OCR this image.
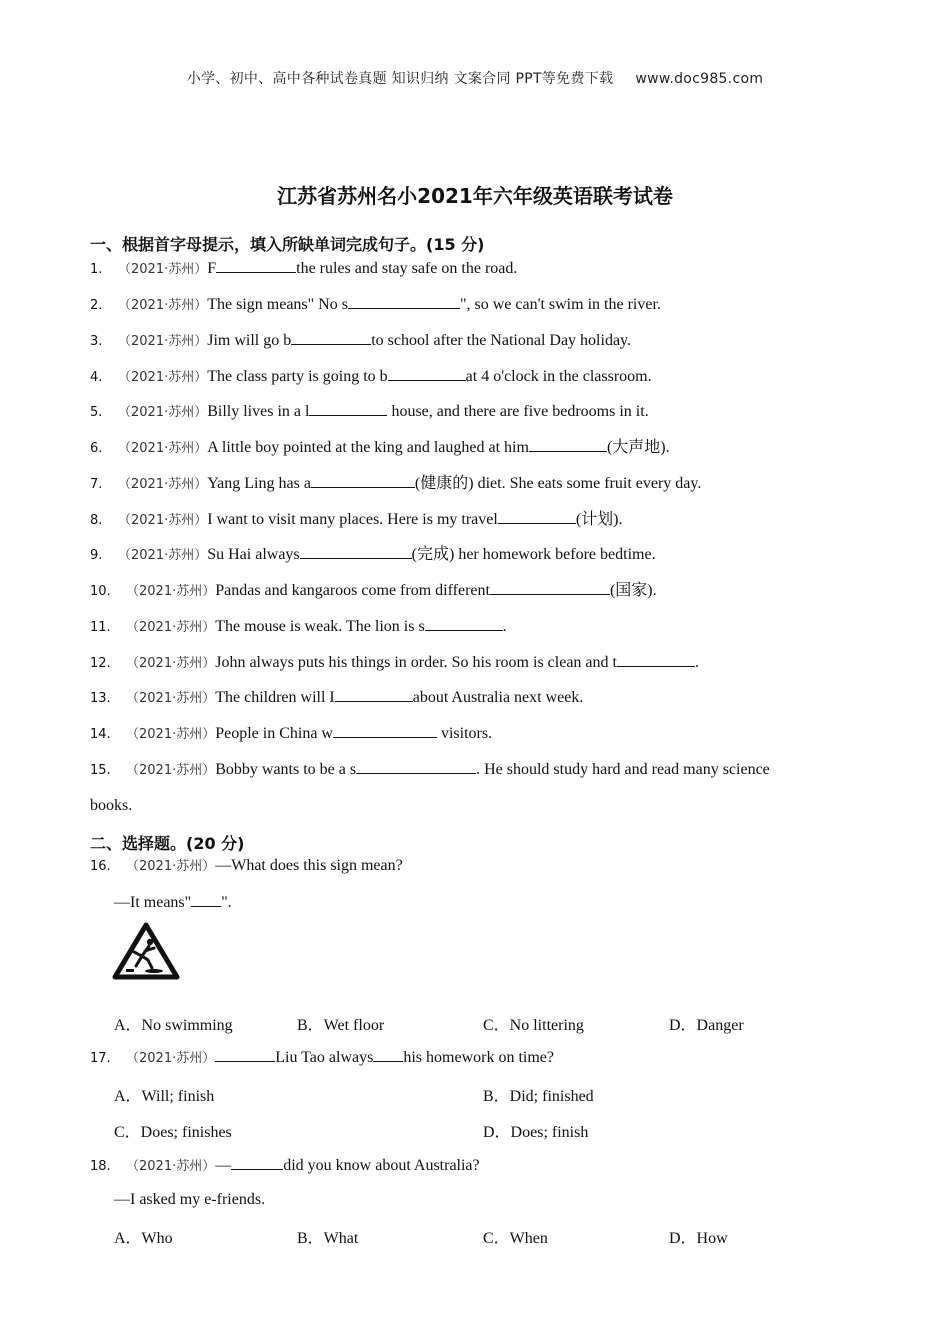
小学、初中、高中各种试卷真题 知识归纳 文案合同 PPT等免费下载 www.doc985.com
江苏省苏州名小2021年六年级英语联考试卷
一、根据首字母提示，填入所缺单词完成句子。(15 分)
1. （2021·苏州）F	the rules and stay safe on the road.
2. （2021·苏州）The sign means" No s	", so we can't swim in the river.
3. （2021·苏州）Jim will go b	to school after the National Day holiday.
4. （2021·苏州）The class party is going to b	at 4 o'clock in the classroom.
5. （2021·苏州）Billy lives in a l	house, and there are five bedrooms in it.
6. （2021·苏州）A little boy pointed at the king and laughed at him	(大声地).
7. （2021·苏州）Yang Ling has a	(健康的) diet. She eats some fruit every day.
8. （2021·苏州）I want to visit many places. Here is my travel	(计划).
9. （2021·苏州）Su Hai always	(完成) her homework before bedtime.
10. （2021·苏州）Pandas and kangaroos come from different	(国家).
11. （2021·苏州）The mouse is weak. The lion is s	.
12. （2021·苏州）John always puts his things in order. So his room is clean and t	.
13. （2021·苏州）The children will I	about Australia next week.
14. （2021·苏州）People in China w	visitors.
15. （2021·苏州）Bobby wants to be a s	. He should study hard and read many science
books.
二、选择题。(20 分)
16. （2021·苏州）—What does this sign mean?
—It means" ".
A．No swimming	B．Wet floor	C．No littering	D．Danger
17. （2021·苏州）	Liu Tao always his homework on time?
A．Will; finish	B．Did; finished
C．Does; finishes	D．Does; finish
18. （2021·苏州）—	did you know about Australia?
—I asked my e-friends.
A．Who	B．What	C．When	D．How
